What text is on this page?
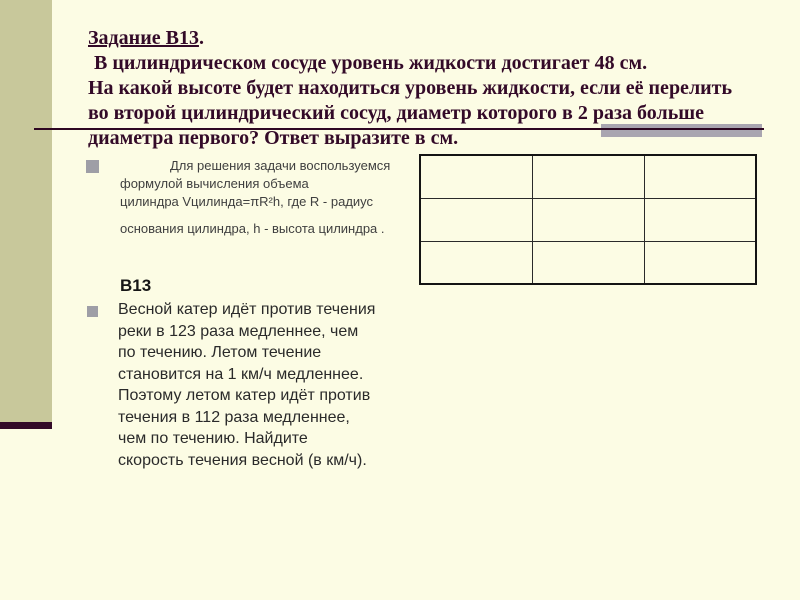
Задание В13.
В цилиндрическом сосуде уровень жидкости достигает 48 см.
На какой высоте будет находиться уровень жидкости, если её перелить
во второй цилиндрический сосуд, диаметр которого в 2 раза больше
диаметра первого? Ответ выразите в см.
Для решения задачи воспользуемся
формулой вычисления объема
цилиндра Vцилинда=πR²h, где R - радиус
основания цилиндра, h - высота цилиндра .

В13
Весной катер идёт против течения
реки в 123 раза медленнее, чем
по течению. Летом течение
становится на 1 км/ч медленнее.
Поэтому летом катер идёт против
течения в 112 раза медленнее,
чем по течению. Найдите
скорость течения весной (в км/ч).
